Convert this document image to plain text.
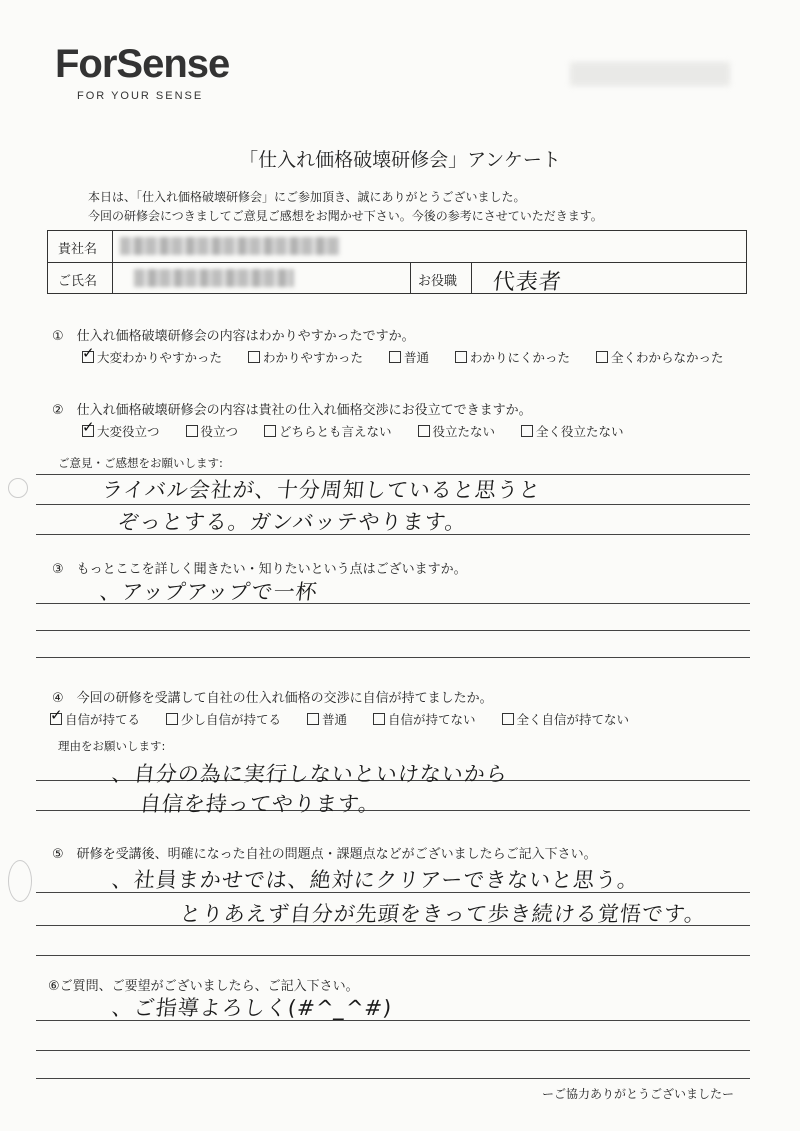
ForSense
FOR YOUR SENSE
「仕入れ価格破壊研修会」アンケート
本日は、「仕入れ価格破壊研修会」にご参加頂き、誠にありがとうございました。
今回の研修会につきましてご意見ご感想をお聞かせ下さい。今後の参考にさせていただきます。
貴社名
ご氏名	お役職 代表者
①　仕入れ価格破壊研修会の内容はわかりやすかったですか。
✓大変わかりやすかった	わかりやすかった	普通	わかりにくかった	全くわからなかった
②　仕入れ価格破壊研修会の内容は貴社の仕入れ価格交渉にお役立てできますか。
✓大変役立つ	役立つ	どちらとも言えない	役立たない	全く役立たない
ご意見・ご感想をお願いします:
ライバル会社が、十分周知していると思うと
ぞっとする。ガンバッテやります。
③　もっとここを詳しく聞きたい・知りたいという点はございますか。
、アップアップで一杯
④　今回の研修を受講して自社の仕入れ価格の交渉に自信が持てましたか。
✓自信が持てる	少し自信が持てる	普通	自信が持てない	全く自信が持てない
理由をお願いします:
、自分の為に実行しないといけないから
自信を持ってやります。
⑤　研修を受講後、明確になった自社の問題点・課題点などがございましたらご記入下さい。
、社員まかせでは、絶対にクリアーできないと思う。
とりあえず自分が先頭をきって歩き続ける覚悟です。
⑥ご質問、ご要望がございましたら、ご記入下さい。
、ご指導よろしく(#^_^#)
ーご協力ありがとうございましたー
